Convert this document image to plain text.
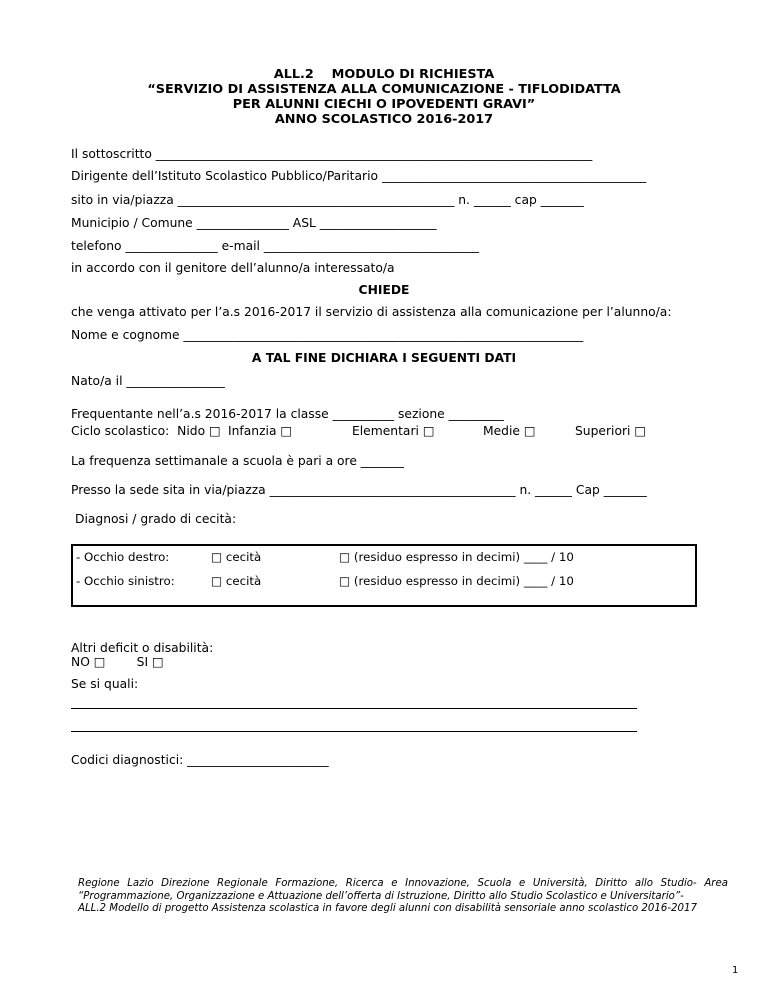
ALL.2    MODULO DI RICHIESTA
“SERVIZIO DI ASSISTENZA ALLA COMUNICAZIONE - TIFLODIDATTA
PER ALUNNI CIECHI O IPOVEDENTI GRAVI”
ANNO SCOLASTICO 2016-2017
Il sottoscritto _______________________________________________________________________
Dirigente dell’Istituto Scolastico Pubblico/Paritario ___________________________________________
sito in via/piazza _____________________________________________ n. ______ cap _______
Municipio / Comune _______________ ASL ___________________
telefono _______________ e-mail ___________________________________
in accordo con il genitore dell’alunno/a interessato/a
CHIEDE
che venga attivato per l’a.s 2016-2017 il servizio di assistenza alla comunicazione per l’alunno/a:
Nome e cognome _________________________________________________________________
A TAL FINE DICHIARA I SEGUENTI DATI
Nato/a il ________________
Frequentante nell’a.s 2016-2017 la classe __________ sezione _________
Ciclo scolastico:  Nido □ Infanzia □	Elementari □	Medie □	Superiori □
La frequenza settimanale a scuola è pari a ore _______
Presso la sede sita in via/piazza ________________________________________ n. ______ Cap _______
Diagnosi / grado di cecità:
- Occhio destro:	□ cecità	□ (residuo espresso in decimi) ____ / 10
- Occhio sinistro:	□ cecità	□ (residuo espresso in decimi) ____ / 10
Altri deficit o disabilità:
NO □        SI □
Se si quali:
Codici diagnostici: _______________________
Regione Lazio Direzione Regionale Formazione, Ricerca e Innovazione, Scuola e Università, Diritto allo Studio- Area
“Programmazione, Organizzazione e Attuazione dell’offerta di Istruzione, Diritto allo Studio Scolastico e Universitario”-
ALL.2 Modello di progetto Assistenza scolastica in favore degli alunni con disabilità sensoriale anno scolastico 2016-2017
1
